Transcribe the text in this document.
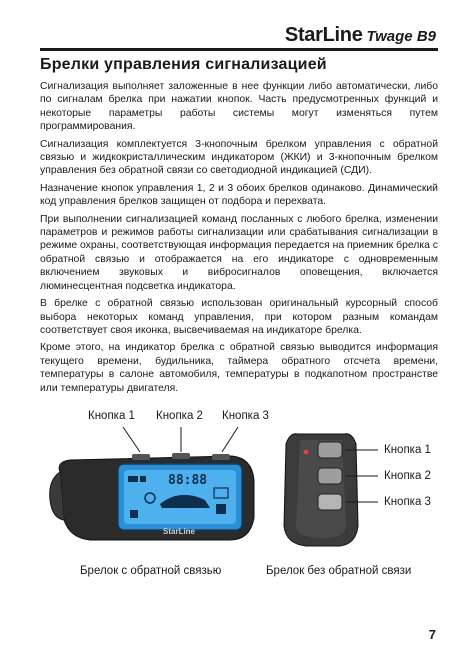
StarLine Twage B9
Брелки управления сигнализацией

Сигнализация выполняет заложенные в нее функции либо автоматически, либо по сигналам брелка при нажатии кнопок. Часть предусмотренных функций и некоторые параметры работы системы могут изменяться путем программирования.

Сигнализация комплектуется 3-кнопочным брелком управления с обратной связью и жидкокристаллическим индикатором (ЖКИ) и 3-кнопочным брелком управления без обратной связи со светодиодной индикацией (СДИ).

Назначение кнопок управления 1, 2 и 3 обоих брелков одинаково. Динамический код управления брелков защищен от подбора и перехвата.

При выполнении сигнализацией команд посланных с любого брелка, изменении параметров и режимов работы сигнализации или срабатывания сигнализации в режиме охраны, соответствующая информация передается на приемник брелка с обратной связью и отображается на его индикаторе с одновременным включением звуковых и вибросигналов оповещения, включается люминесцентная подсветка индикатора.

В брелке с обратной связью использован оригинальный курсорный способ выбора некоторых команд управления, при котором разным командам соответствует своя иконка, высвечиваемая на индикаторе брелка.

Кроме этого, на индикатор брелка с обратной связью выводится информация текущего времени, будильника, таймера обратного отсчета времени, температуры в салоне автомобиля, температуры в подкапотном пространстве или температуры двигателя.

Кнопка 1 Кнопка 2 Кнопка 3
88:88
StarLine
Кнопка 1
Кнопка 2
Кнопка 3
Брелок с обратной связью	Брелок без обратной связи
7
